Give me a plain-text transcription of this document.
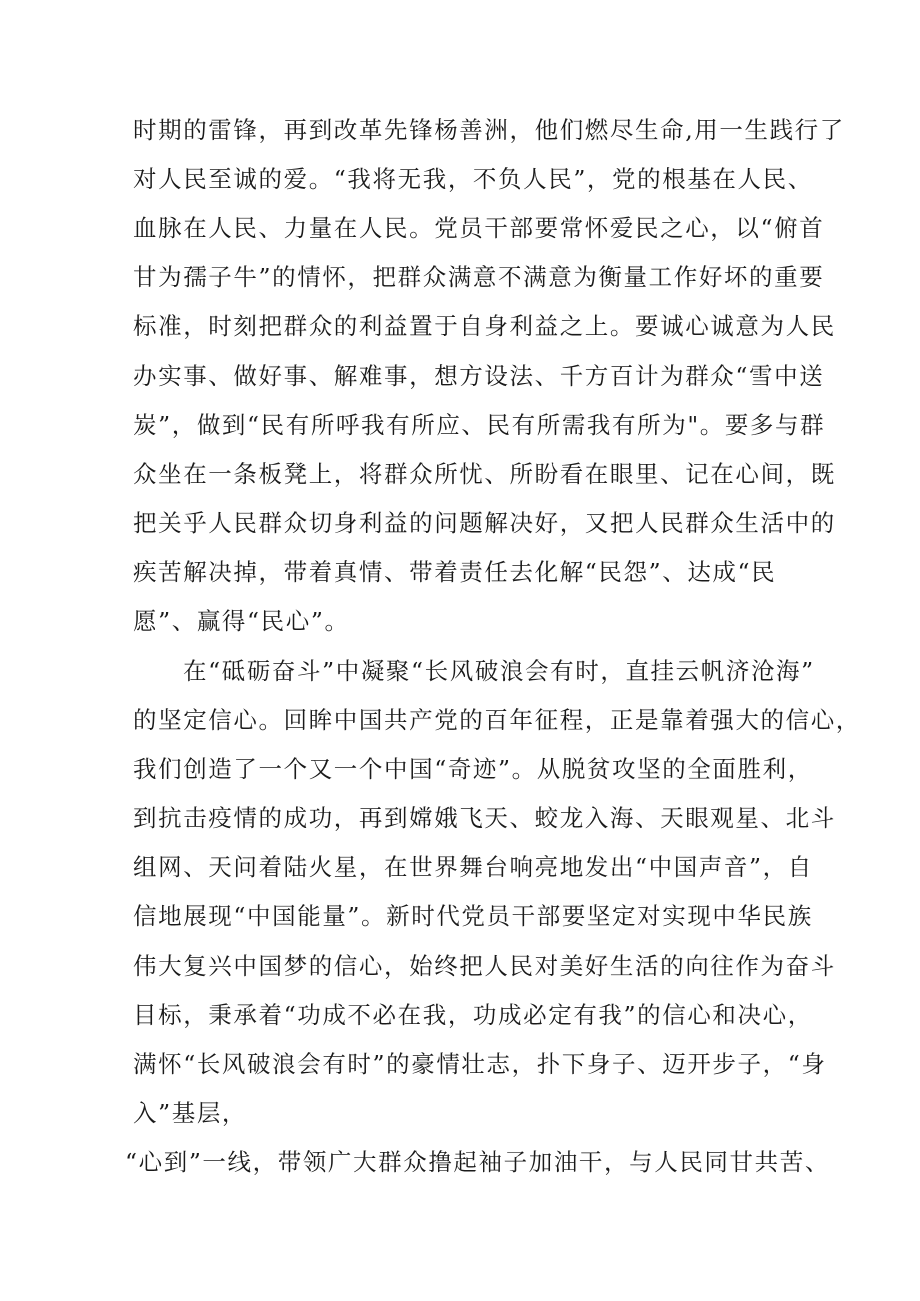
时期的雷锋，再到改革先锋杨善洲，他们燃尽生命,用一生践行了
对人民至诚的爱。“我将无我，不负人民”，党的根基在人民、
血脉在人民、力量在人民。党员干部要常怀爱民之心，以“俯首
甘为孺子牛”的情怀，把群众满意不满意为衡量工作好坏的重要
标准，时刻把群众的利益置于自身利益之上。要诚心诚意为人民
办实事、做好事、解难事，想方设法、千方百计为群众“雪中送
炭”，做到“民有所呼我有所应、民有所需我有所为"。要多与群
众坐在一条板凳上，将群众所忧、所盼看在眼里、记在心间，既
把关乎人民群众切身利益的问题解决好，又把人民群众生活中的
疾苦解决掉，带着真情、带着责任去化解“民怨”、达成“民
愿”、赢得“民心”。
在“砥砺奋斗”中凝聚“长风破浪会有时，直挂云帆济沧海”
的坚定信心。回眸中国共产党的百年征程，正是靠着强大的信心，
我们创造了一个又一个中国“奇迹”。从脱贫攻坚的全面胜利，
到抗击疫情的成功，再到嫦娥飞天、蛟龙入海、天眼观星、北斗
组网、天问着陆火星，在世界舞台响亮地发出“中国声音”，自
信地展现“中国能量”。新时代党员干部要坚定对实现中华民族
伟大复兴中国梦的信心，始终把人民对美好生活的向往作为奋斗
目标，秉承着“功成不必在我，功成必定有我”的信心和决心，
满怀“长风破浪会有时”的豪情壮志，扑下身子、迈开步子，“身
入”基层，
“心到”一线，带领广大群众撸起袖子加油干，与人民同甘共苦、
